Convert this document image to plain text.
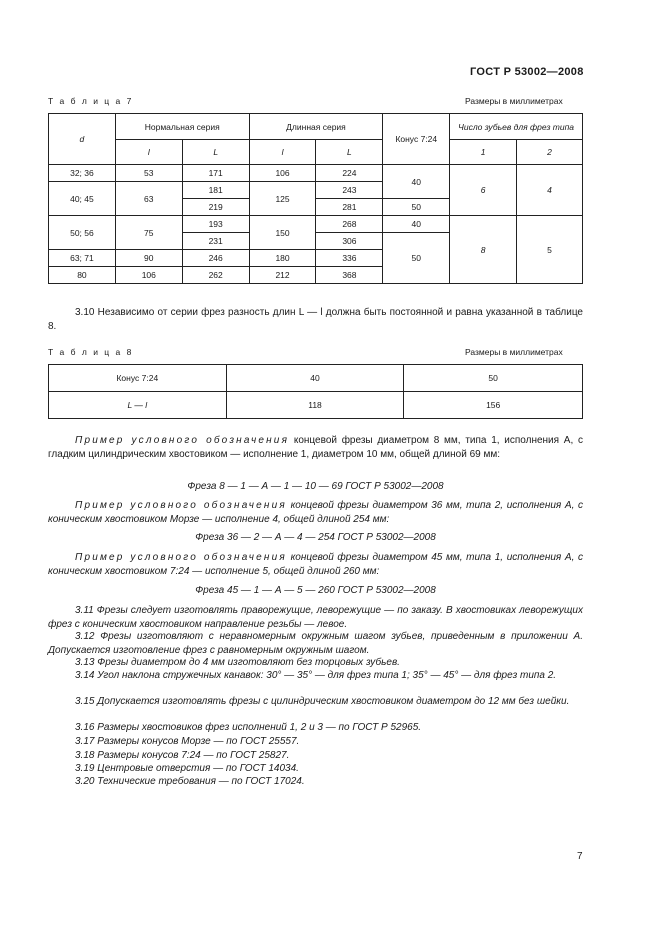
ГОСТ Р 53002—2008
Т а б л и ц а 7	Размеры в миллиметрах
d	Нормальная серия		Длинная серия		Конус 7:24	Число зубьев для фрез типа	
	l	L	l	L		1	2
32; 36	53	171	106	224	40	6	4
40; 45	63	181	125	243			
		219		281	50		
50; 56	75	193	150	268	40	8	5
		231		306	50		
63; 71	90	246	180	336			
80	106	262	212	368			
3.10 Независимо от серии фрез разность длин L — l должна быть постоянной и равна указанной в таблице 8.
Т а б л и ц а 8	Размеры в миллиметрах
Конус 7:24	40	50
L — l	118	156
Пример условного обозначения концевой фрезы диаметром 8 мм, типа 1, исполнения А, с гладким цилиндрическим хвостовиком — исполнение 1, диаметром 10 мм, общей длиной 69 мм:
Фреза 8 — 1 — А — 1 — 10 — 69 ГОСТ Р 53002—2008
Пример условного обозначения концевой фрезы диаметром 36 мм, типа 2, исполнения А, с коническим хвостовиком Морзе — исполнение 4, общей длиной 254 мм:
Фреза 36 — 2 — А — 4 — 254 ГОСТ Р 53002—2008
Пример условного обозначения концевой фрезы диаметром 45 мм, типа 1, исполнения А, с коническим хвостовиком 7:24 — исполнение 5, общей длиной 260 мм:
Фреза 45 — 1 — А — 5 — 260 ГОСТ Р 53002—2008
3.11 Фрезы следует изготовлять праворежущие, леворежущие — по заказу. В хвостовиках леворежущих фрез с коническим хвостовиком направление резьбы — левое.
3.12 Фрезы изготовляют с неравномерным окружным шагом зубьев, приведенным в приложении А. Допускается изготовление фрез с равномерным окружным шагом.
3.13 Фрезы диаметром до 4 мм изготовляют без торцовых зубьев.
3.14 Угол наклона стружечных канавок: 30° — 35° — для фрез типа 1; 35° — 45° — для фрез типа 2.
3.15 Допускается изготовлять фрезы с цилиндрическим хвостовиком диаметром до 12 мм без шейки.
3.16 Размеры хвостовиков фрез исполнений 1, 2 и 3 — по ГОСТ Р 52965.
3.17 Размеры конусов Морзе — по ГОСТ 25557.
3.18 Размеры конусов 7:24 — по ГОСТ 25827.
3.19 Центровые отверстия — по ГОСТ 14034.
3.20 Технические требования — по ГОСТ 17024.
7
